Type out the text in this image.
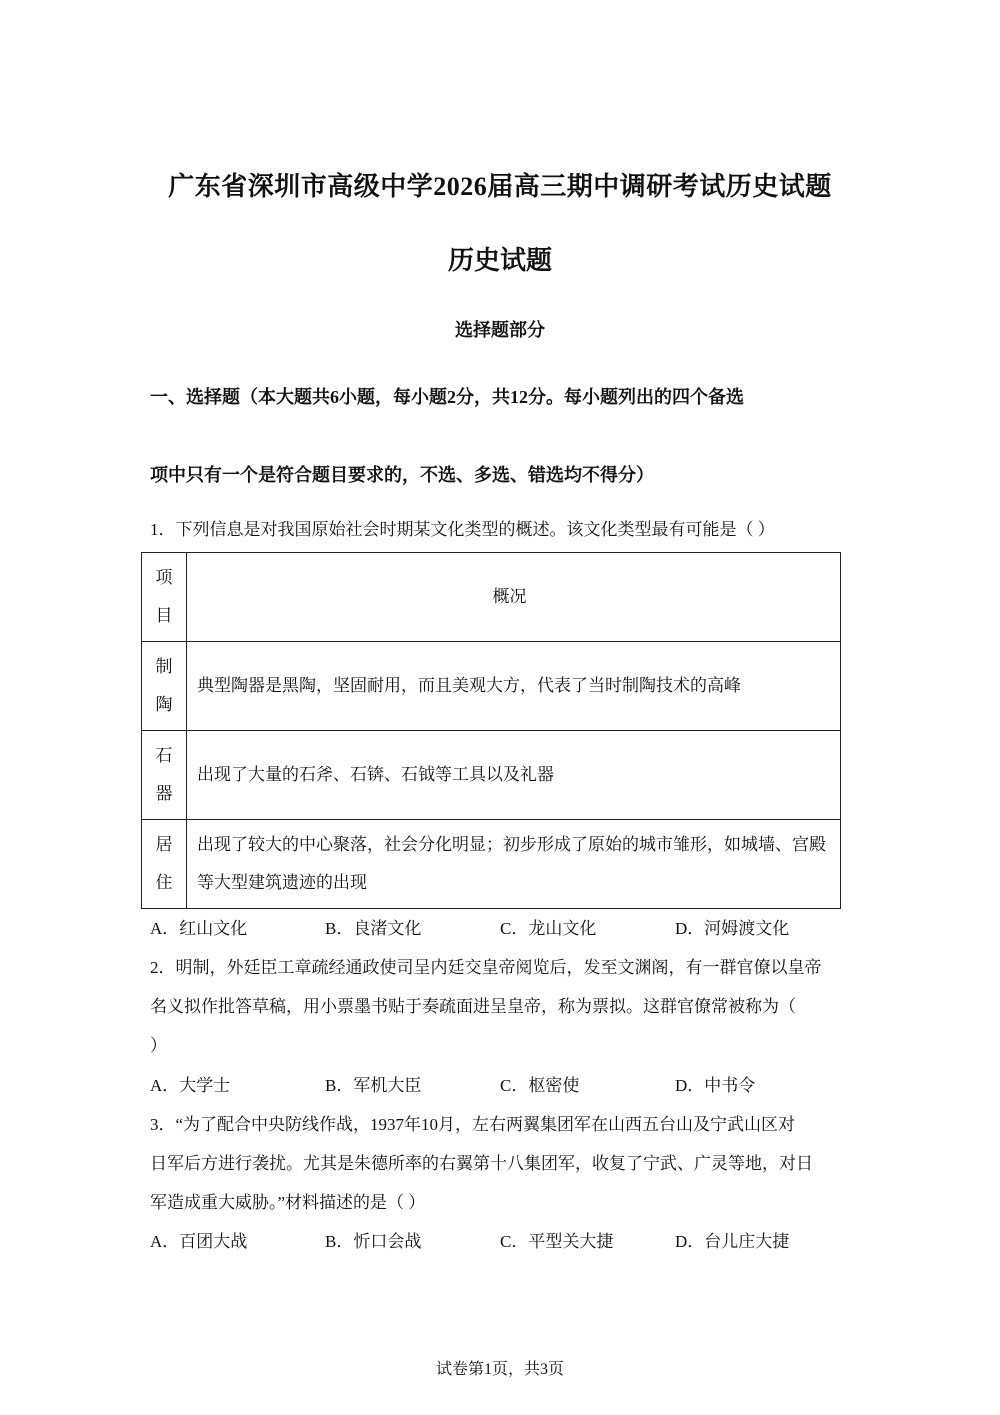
广东省深圳市高级中学2026届高三期中调研考试历史试题
历史试题
选择题部分

一、选择题（本大题共6小题，每小题2分，共12分。每小题列出的四个备选

项中只有一个是符合题目要求的，不选、多选、错选均不得分）

1．下列信息是对我国原始社会时期某文化类型的概述。该文化类型最有可能是（ ）

项目	概况
制陶	典型陶器是黑陶，坚固耐用，而且美观大方，代表了当时制陶技术的高峰
石器	出现了大量的石斧、石锛、石钺等工具以及礼器
居住	出现了较大的中心聚落，社会分化明显；初步形成了原始的城市雏形，如城墙、宫殿等大型建筑遗迹的出现
A．红山文化	B．良渚文化	C．龙山文化	D．河姆渡文化

2．明制，外廷臣工章疏经通政使司呈内廷交皇帝阅览后，发至文渊阁，有一群官僚以皇帝

名义拟作批答草稿，用小票墨书贴于奏疏面进呈皇帝，称为票拟。这群官僚常被称为（

）

A．大学士	B．军机大臣	C．枢密使	D．中书令

3．“为了配合中央防线作战，1937年10月，左右两翼集团军在山西五台山及宁武山区对

日军后方进行袭扰。尤其是朱德所率的右翼第十八集团军，收复了宁武、广灵等地，对日

军造成重大威胁。”材料描述的是（ ）

A．百团大战	B．忻口会战	C．平型关大捷	D．台儿庄大捷

试卷第1页，共3页
